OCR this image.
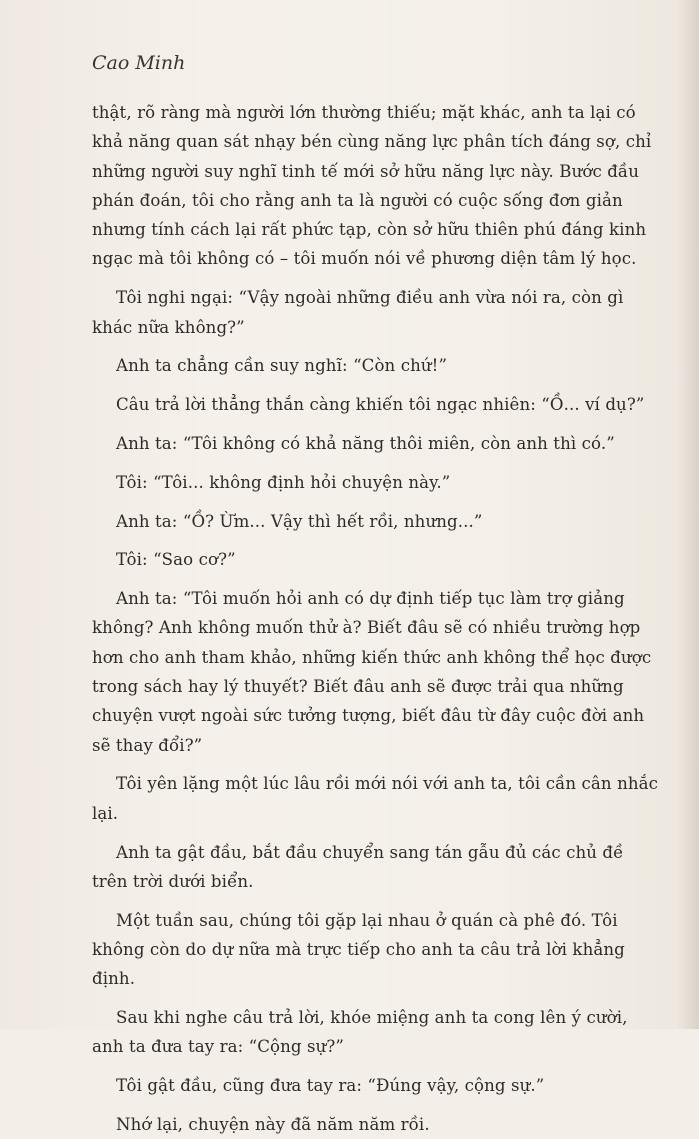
Cao Minh

thật, rõ ràng mà người lớn thường thiếu; mặt khác, anh ta lại có khả năng quan sát nhạy bén cùng năng lực phân tích đáng sợ, chỉ những người suy nghĩ tinh tế mới sở hữu năng lực này. Bước đầu phán đoán, tôi cho rằng anh ta là người có cuộc sống đơn giản nhưng tính cách lại rất phức tạp, còn sở hữu thiên phú đáng kinh ngạc mà tôi không có – tôi muốn nói về phương diện tâm lý học.

Tôi nghi ngại: “Vậy ngoài những điều anh vừa nói ra, còn gì khác nữa không?”

Anh ta chẳng cần suy nghĩ: “Còn chứ!”

Câu trả lời thẳng thắn càng khiến tôi ngạc nhiên: “Ồ... ví dụ?”

Anh ta: “Tôi không có khả năng thôi miên, còn anh thì có.”

Tôi: “Tôi... không định hỏi chuyện này.”

Anh ta: “Ồ? Ừm... Vậy thì hết rồi, nhưng...”

Tôi: “Sao cơ?”

Anh ta: “Tôi muốn hỏi anh có dự định tiếp tục làm trợ giảng không? Anh không muốn thử à? Biết đâu sẽ có nhiều trường hợp hơn cho anh tham khảo, những kiến thức anh không thể học được trong sách hay lý thuyết? Biết đâu anh sẽ được trải qua những chuyện vượt ngoài sức tưởng tượng, biết đâu từ đây cuộc đời anh sẽ thay đổi?”

Tôi yên lặng một lúc lâu rồi mới nói với anh ta, tôi cần cân nhắc lại.

Anh ta gật đầu, bắt đầu chuyển sang tán gẫu đủ các chủ đề trên trời dưới biển.

Một tuần sau, chúng tôi gặp lại nhau ở quán cà phê đó. Tôi không còn do dự nữa mà trực tiếp cho anh ta câu trả lời khẳng định.

Sau khi nghe câu trả lời, khóe miệng anh ta cong lên ý cười, anh ta đưa tay ra: “Cộng sự?”

Tôi gật đầu, cũng đưa tay ra: “Đúng vậy, cộng sự.”

Nhớ lại, chuyện này đã năm năm rồi.
